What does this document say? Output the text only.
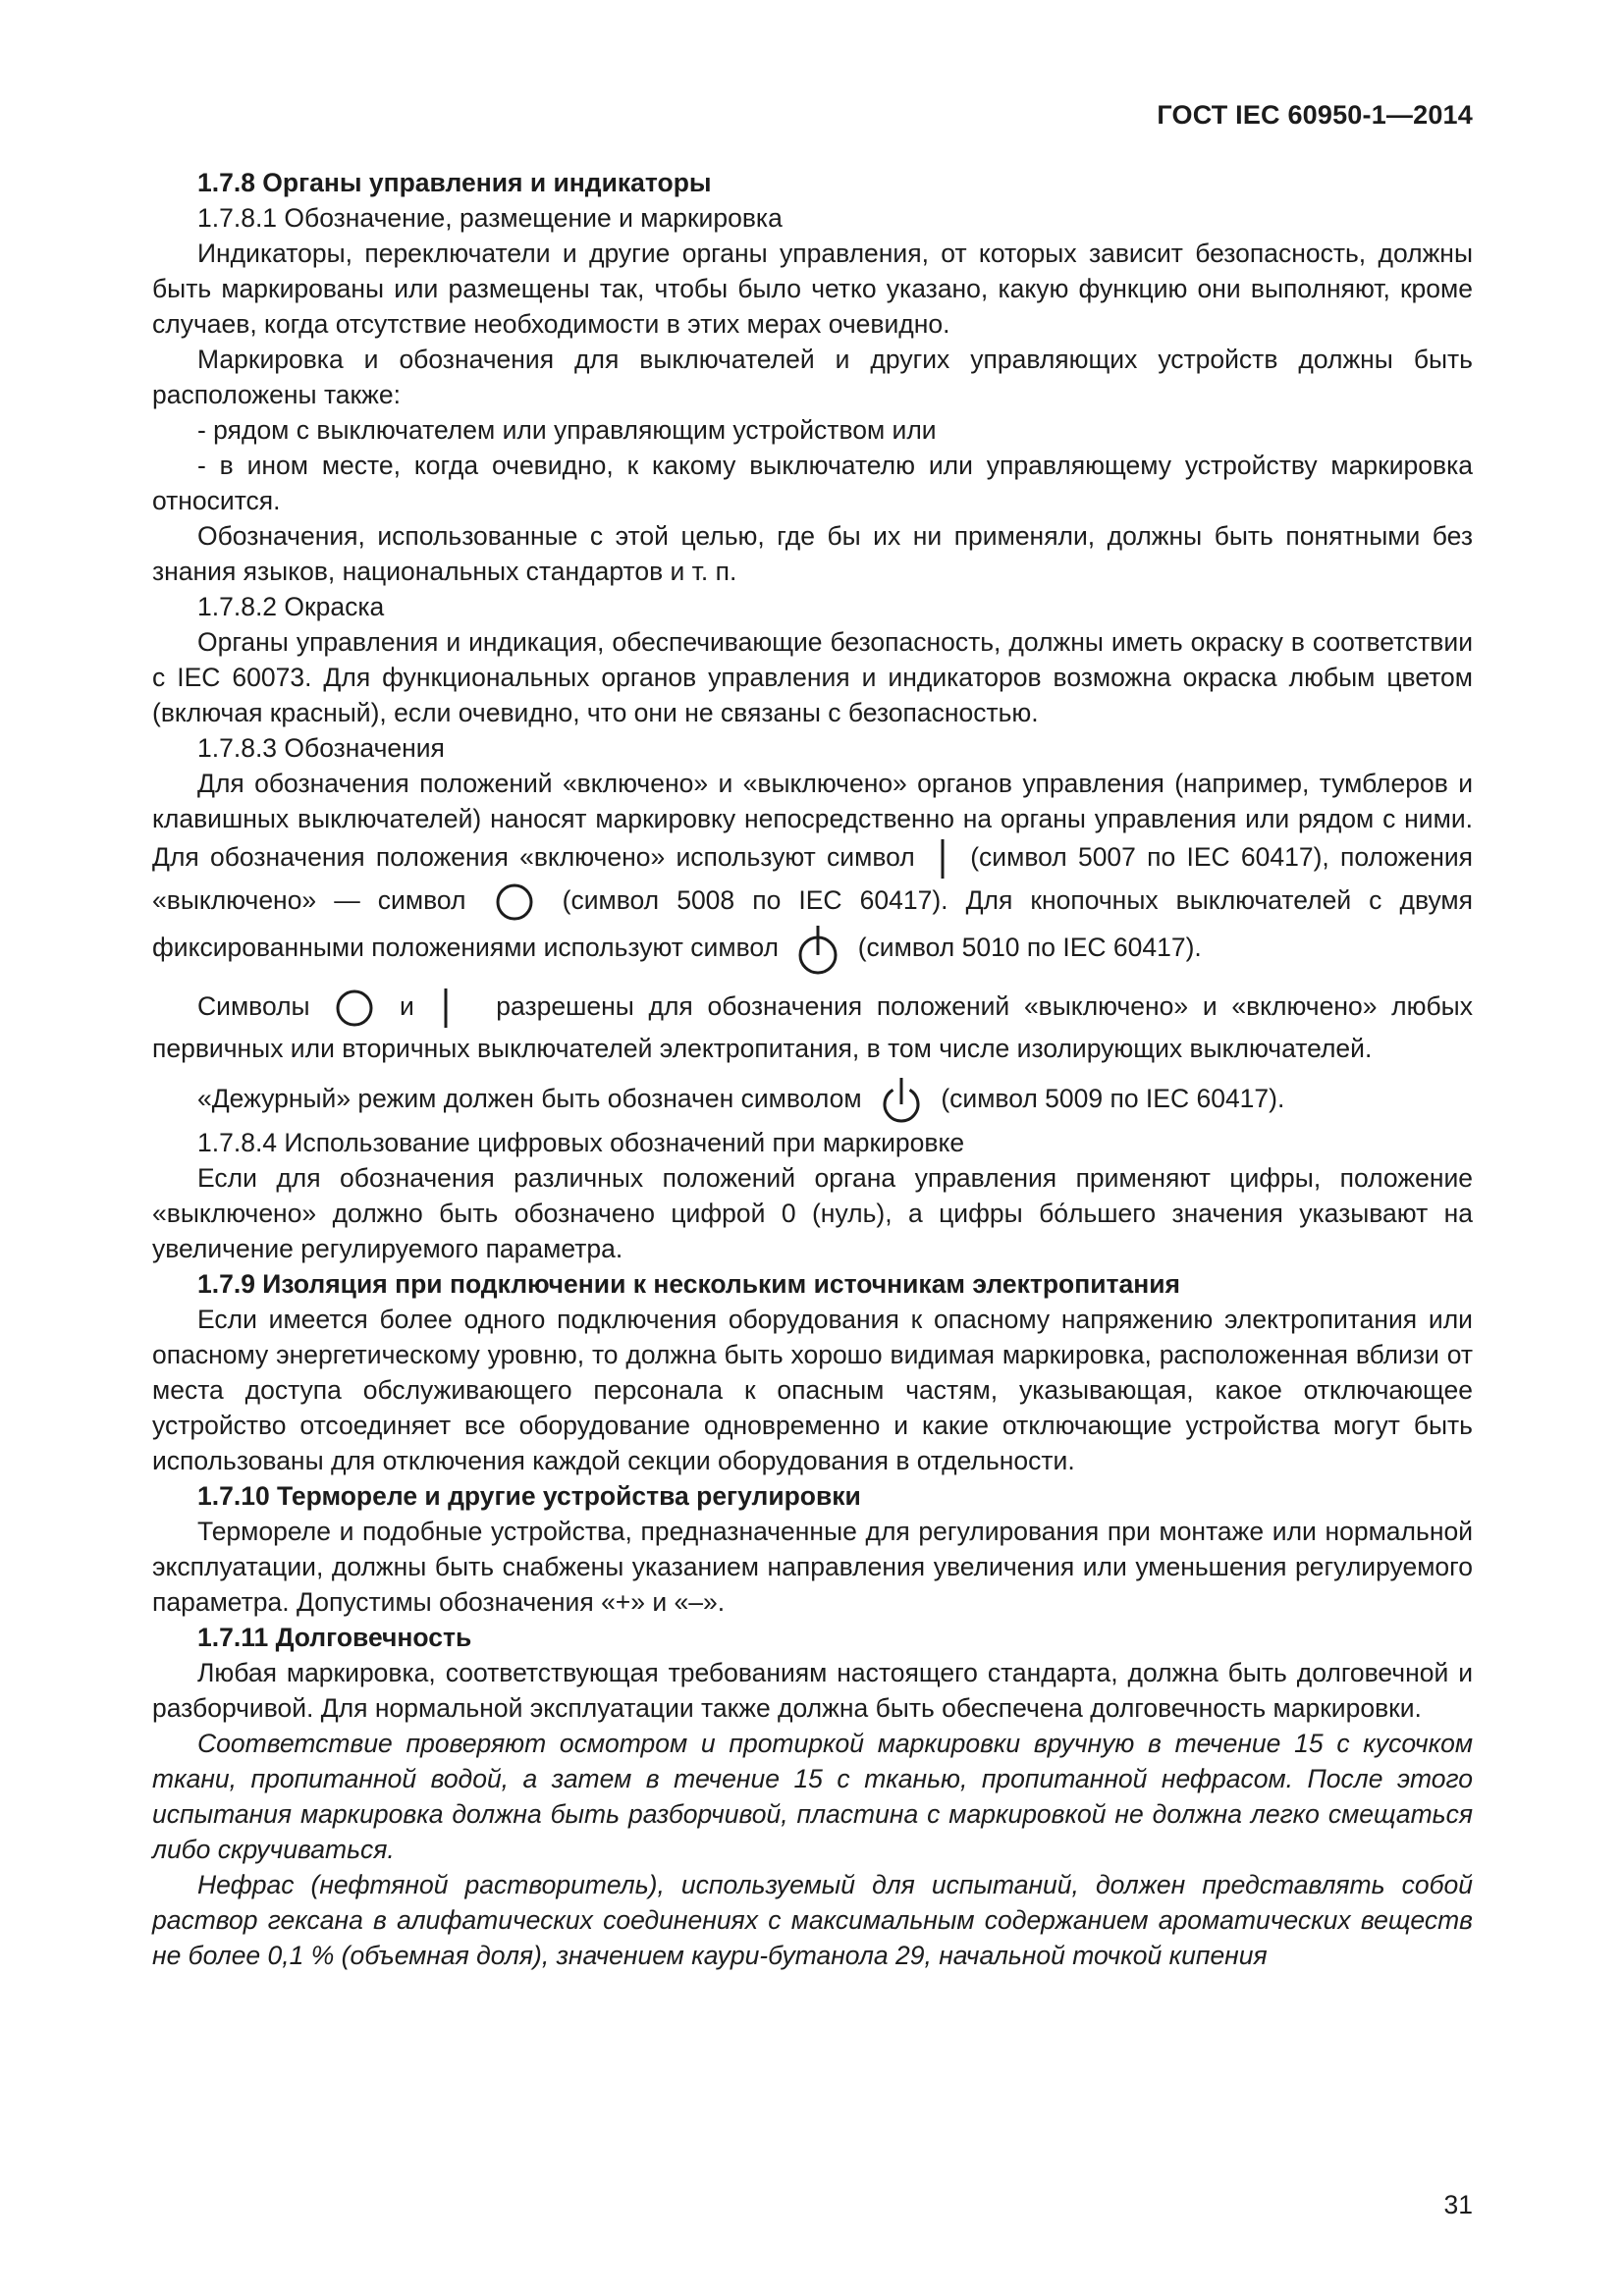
ГОСТ IEC 60950-1—2014

1.7.8 Органы управления и индикаторы

1.7.8.1 Обозначение, размещение и маркировка

Индикаторы, переключатели и другие органы управления, от которых зависит безопасность, должны быть маркированы или размещены так, чтобы было четко указано, какую функцию они выполняют, кроме случаев, когда отсутствие необходимости в этих мерах очевидно.

Маркировка и обозначения для выключателей и других управляющих устройств должны быть расположены также:

- рядом с выключателем или управляющим устройством или

- в ином месте, когда очевидно, к какому выключателю или управляющему устройству маркировка относится.

Обозначения, использованные с этой целью, где бы их ни применяли, должны быть понятными без знания языков, национальных стандартов и т. п.

1.7.8.2 Окраска

Органы управления и индикация, обеспечивающие безопасность, должны иметь окраску в соответствии с IEC 60073. Для функциональных органов управления и индикаторов возможна окраска любым цветом (включая красный), если очевидно, что они не связаны с безопасностью.

1.7.8.3 Обозначения

Для обозначения положений «включено» и «выключено» органов управления (например, тумблеров и клавишных выключателей) наносят маркировку непосредственно на органы управления или рядом с ними. Для обозначения положения «включено» используют символ (символ 5007 по IEC 60417), положения «выключено» — символ	(символ 5008 по IEC 60417). Для кнопочных выключателей с двумя фиксированными положениями используют символ	(символ 5010 по IEC 60417).

Символы	и	разрешены для обозначения положений «выключено» и «включено» любых первичных или вторичных выключателей электропитания, в том числе изолирующих выключателей.

«Дежурный» режим должен быть обозначен символом	(символ 5009 по IEC 60417).

1.7.8.4 Использование цифровых обозначений при маркировке

Если для обозначения различных положений органа управления применяют цифры, положение «выключено» должно быть обозначено цифрой 0 (нуль), а цифры бо́льшего значения указывают на увеличение регулируемого параметра.

1.7.9 Изоляция при подключении к нескольким источникам электропитания

Если имеется более одного подключения оборудования к опасному напряжению электропитания или опасному энергетическому уровню, то должна быть хорошо видимая маркировка, расположенная вблизи от места доступа обслуживающего персонала к опасным частям, указывающая, какое отключающее устройство отсоединяет все оборудование одновременно и какие отключающие устройства могут быть использованы для отключения каждой секции оборудования в отдельности.

1.7.10 Термореле и другие устройства регулировки

Термореле и подобные устройства, предназначенные для регулирования при монтаже или нормальной эксплуатации, должны быть снабжены указанием направления увеличения или уменьшения регулируемого параметра. Допустимы обозначения «+» и «–».

1.7.11 Долговечность

Любая маркировка, соответствующая требованиям настоящего стандарта, должна быть долговечной и разборчивой. Для нормальной эксплуатации также должна быть обеспечена долговечность маркировки.

Соответствие проверяют осмотром и протиркой маркировки вручную в течение 15 с кусочком ткани, пропитанной водой, а затем в течение 15 с тканью, пропитанной нефрасом. После этого испытания маркировка должна быть разборчивой, пластина с маркировкой не должна легко смещаться либо скручиваться.

Нефрас (нефтяной растворитель), используемый для испытаний, должен представлять собой раствор гексана в алифатических соединениях с максимальным содержанием ароматических веществ не более 0,1 % (объемная доля), значением каури-бутанола 29, начальной точкой кипения

31
